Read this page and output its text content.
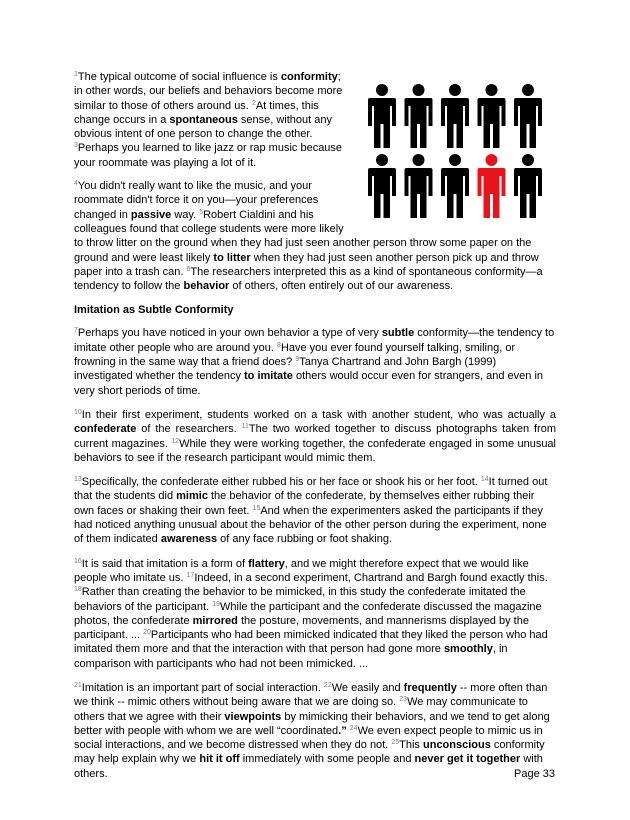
$^1$The typical outcome of social influence is conformity; in other words, our beliefs and behaviors become more similar to those of others around us. $^2$At times, this change occurs in a spontaneous sense, without any obvious intent of one person to change the other. $^3$Perhaps you learned to like jazz or rap music because your roommate was playing a lot of it.

$^4$You didn't really want to like the music, and your roommate didn't force it on you—your preferences changed in passive way. $^5$Robert Cialdini and his colleagues found that college students were more likely to throw litter on the ground when they had just seen another person throw some paper on the ground and were least likely to litter when they had just seen another person pick up and throw paper into a trash can. $^6$The researchers interpreted this as a kind of spontaneous conformity—a tendency to follow the behavior of others, often entirely out of our awareness.

Imitation as Subtle Conformity

$^7$Perhaps you have noticed in your own behavior a type of very subtle conformity—the tendency to imitate other people who are around you. $^8$Have you ever found yourself talking, smiling, or frowning in the same way that a friend does? $^9$Tanya Chartrand and John Bargh (1999) investigated whether the tendency to imitate others would occur even for strangers, and even in very short periods of time.

$^{10}$In their first experiment, students worked on a task with another student, who was actually a confederate of the researchers. $^{11}$The two worked together to discuss photographs taken from current magazines. $^{12}$While they were working together, the confederate engaged in some unusual behaviors to see if the research participant would mimic them.

$^{13}$Specifically, the confederate either rubbed his or her face or shook his or her foot. $^{14}$It turned out that the students did mimic the behavior of the confederate, by themselves either rubbing their own faces or shaking their own feet. $^{15}$And when the experimenters asked the participants if they had noticed anything unusual about the behavior of the other person during the experiment, none of them indicated awareness of any face rubbing or foot shaking.

$^{16}$It is said that imitation is a form of flattery, and we might therefore expect that we would like people who imitate us. $^{17}$Indeed, in a second experiment, Chartrand and Bargh found exactly this. $^{18}$Rather than creating the behavior to be mimicked, in this study the confederate imitated the behaviors of the participant. $^{19}$While the participant and the confederate discussed the magazine photos, the confederate mirrored the posture, movements, and mannerisms displayed by the participant. ... $^{20}$Participants who had been mimicked indicated that they liked the person who had imitated them more and that the interaction with that person had gone more smoothly, in comparison with participants who had not been mimicked. ...

$^{21}$Imitation is an important part of social interaction. $^{22}$We easily and frequently -- more often than we think -- mimic others without being aware that we are doing so. $^{23}$We may communicate to others that we agree with their viewpoints by mimicking their behaviors, and we tend to get along better with people with whom we are well “coordinated.” $^{24}$We even expect people to mimic us in social interactions, and we become distressed when they do not. $^{25}$This unconscious conformity may help explain why we hit it off immediately with some people and never get it together with others.	Page 33
